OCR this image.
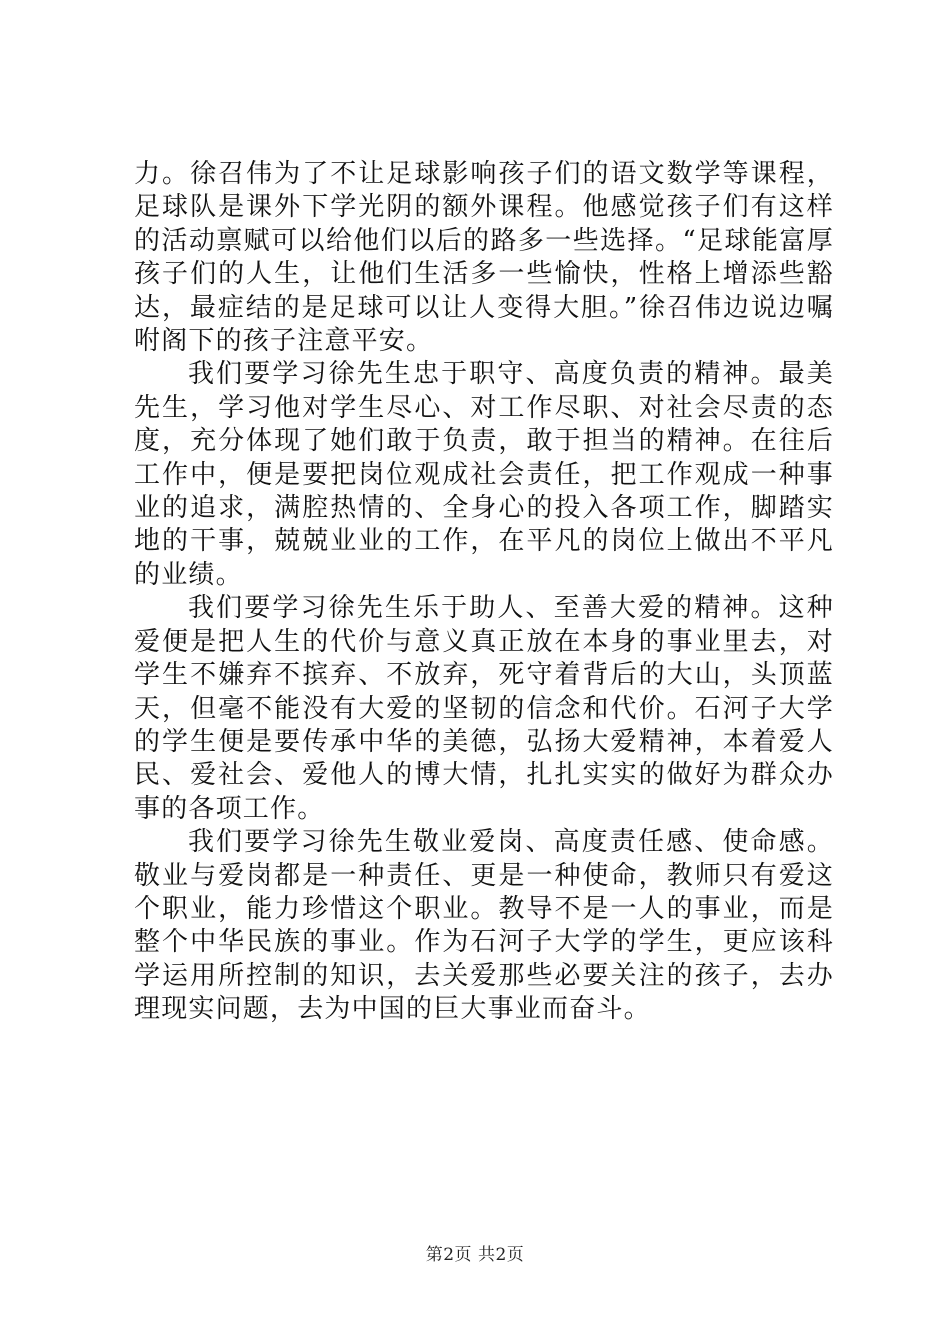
力。徐召伟为了不让足球影响孩子们的语文数学等课程，足球队是课外下学光阴的额外课程。他感觉孩子们有这样的活动禀赋可以给他们以后的路多一些选择。“足球能富厚孩子们的人生，让他们生活多一些愉快，性格上增添些豁达，最症结的是足球可以让人变得大胆。”徐召伟边说边嘱咐阁下的孩子注意平安。

我们要学习徐先生忠于职守、高度负责的精神。最美先生，学习他对学生尽心、对工作尽职、对社会尽责的态度，充分体现了她们敢于负责，敢于担当的精神。在往后工作中，便是要把岗位观成社会责任，把工作观成一种事业的追求，满腔热情的、全身心的投入各项工作，脚踏实地的干事，兢兢业业的工作，在平凡的岗位上做出不平凡的业绩。

我们要学习徐先生乐于助人、至善大爱的精神。这种爱便是把人生的代价与意义真正放在本身的事业里去，对学生不嫌弃不摈弃、不放弃，死守着背后的大山，头顶蓝天，但毫不能没有大爱的坚韧的信念和代价。石河子大学的学生便是要传承中华的美德，弘扬大爱精神，本着爱人民、爱社会、爱他人的博大情，扎扎实实的做好为群众办事的各项工作。

我们要学习徐先生敬业爱岗、高度责任感、使命感。敬业与爱岗都是一种责任、更是一种使命，教师只有爱这个职业，能力珍惜这个职业。教导不是一人的事业，而是整个中华民族的事业。作为石河子大学的学生，更应该科学运用所控制的知识，去关爱那些必要关注的孩子，去办理现实问题，去为中国的巨大事业而奋斗。

第2页 共2页
